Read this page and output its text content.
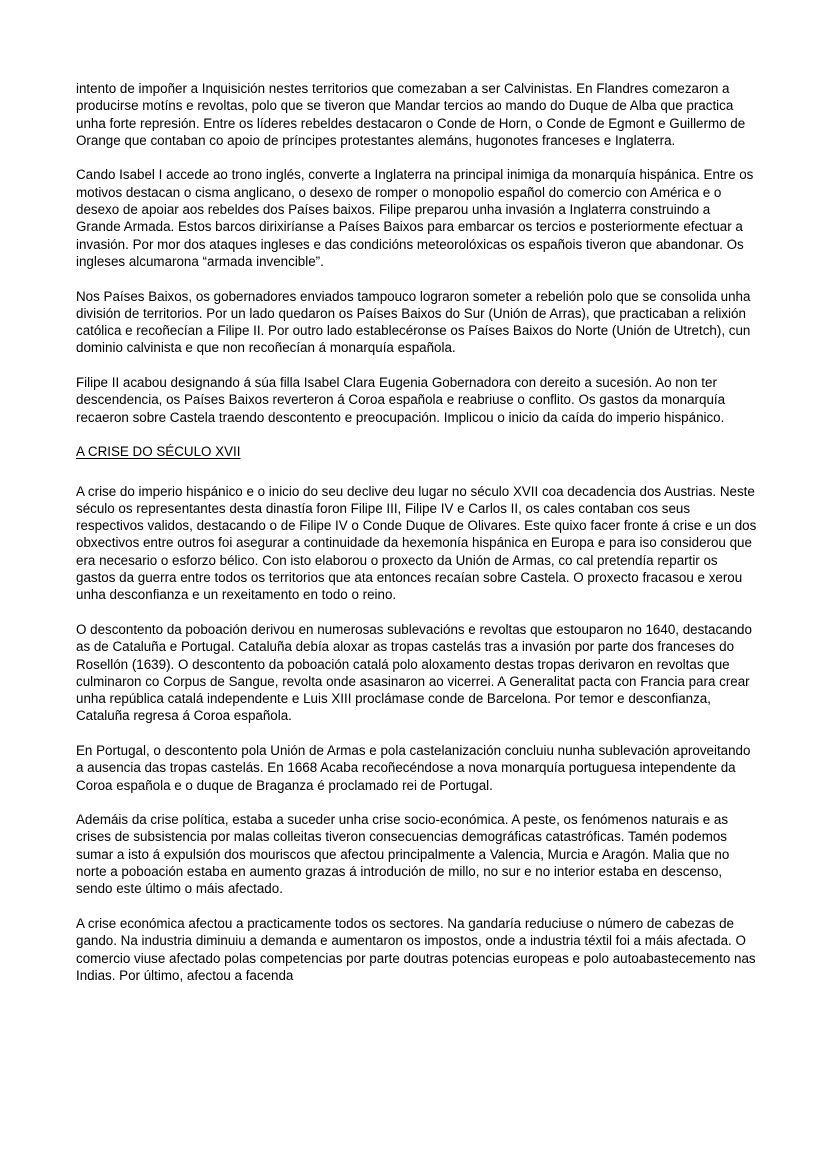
intento de impoñer a Inquisición nestes territorios que comezaban a ser Calvinistas. En Flandres comezaron a producirse motíns e revoltas, polo que se tiveron que Mandar tercios ao mando do Duque de Alba que practica unha forte represión. Entre os líderes rebeldes destacaron o Conde de Horn, o Conde de Egmont e Guillermo de Orange que contaban co apoio de príncipes protestantes alemáns, hugonotes franceses e Inglaterra.

Cando Isabel I accede ao trono inglés, converte a Inglaterra na principal inimiga da monarquía hispánica. Entre os motivos destacan o cisma anglicano, o desexo de romper o monopolio español do comercio con América e o desexo de apoiar aos rebeldes dos Países baixos. Filipe preparou unha invasión a Inglaterra construindo a Grande Armada. Estos barcos dirixiríanse a Países Baixos para embarcar os tercios e posteriormente efectuar a invasión. Por mor dos ataques ingleses e das condicións meteorolóxicas os españois tiveron que abandonar. Os ingleses alcumarona “armada invencible”.

Nos Países Baixos, os gobernadores enviados tampouco lograron someter a rebelión polo que se consolida unha división de territorios. Por un lado quedaron os Países Baixos do Sur (Unión de Arras), que practicaban a relixión católica e recoñecían a Filipe II. Por outro lado establecéronse os Países Baixos do Norte (Unión de Utretch), cun dominio calvinista e que non recoñecían á monarquía española.

Filipe II acabou designando á súa filla Isabel Clara Eugenia Gobernadora con dereito a sucesión. Ao non ter descendencia, os Países Baixos reverteron á Coroa española e reabriuse o conflito. Os gastos da monarquía recaeron sobre Castela traendo descontento e preocupación. Implicou o inicio da caída do imperio hispánico.

A CRISE DO SÉCULO XVII

A crise do imperio hispánico e o inicio do seu declive deu lugar no século XVII coa decadencia dos Austrias. Neste século os representantes desta dinastía foron Filipe III, Filipe IV e Carlos II, os cales contaban cos seus respectivos validos, destacando o de Filipe IV o Conde Duque de Olivares. Este quixo facer fronte á crise e un dos obxectivos entre outros foi asegurar a continuidade da hexemonía hispánica en Europa e para iso considerou que era necesario o esforzo bélico. Con isto elaborou o proxecto da Unión de Armas, co cal pretendía repartir os gastos da guerra entre todos os territorios que ata entonces recaían sobre Castela. O proxecto fracasou e xerou unha desconfianza e un rexeitamento en todo o reino.

O descontento da poboación derivou en numerosas sublevacións e revoltas que estouparon no 1640, destacando as de Cataluña e Portugal. Cataluña debía aloxar as tropas castelás tras a invasión por parte dos franceses do Rosellón (1639). O descontento da poboación catalá polo aloxamento destas tropas derivaron en revoltas que culminaron co Corpus de Sangue, revolta onde asasinaron ao vicerrei. A Generalitat pacta con Francia para crear unha república catalá independente e Luis XIII proclámase conde de Barcelona. Por temor e desconfianza, Cataluña regresa á Coroa española.

En Portugal, o descontento pola Unión de Armas e pola castelanización concluiu nunha sublevación aproveitando a ausencia das tropas castelás. En 1668 Acaba recoñecéndose a nova monarquía portuguesa intependente da Coroa española e o duque de Braganza é proclamado rei de Portugal.

Ademáis da crise política, estaba a suceder unha crise socio-económica. A peste, os fenómenos naturais e as crises de subsistencia por malas colleitas tiveron consecuencias demográficas catastróficas. Tamén podemos sumar a isto á expulsión dos mouriscos que afectou principalmente a Valencia, Murcia e Aragón. Malia que no norte a poboación estaba en aumento grazas á introdución de millo, no sur e no interior estaba en descenso, sendo este último o máis afectado.

A crise económica afectou a practicamente todos os sectores. Na gandaría reduciuse o número de cabezas de gando. Na industria diminuiu a demanda e aumentaron os impostos, onde a industria téxtil foi a máis afectada. O comercio viuse afectado polas competencias por parte doutras potencias europeas e polo autoabastecemento nas Indias. Por último, afectou a facenda
